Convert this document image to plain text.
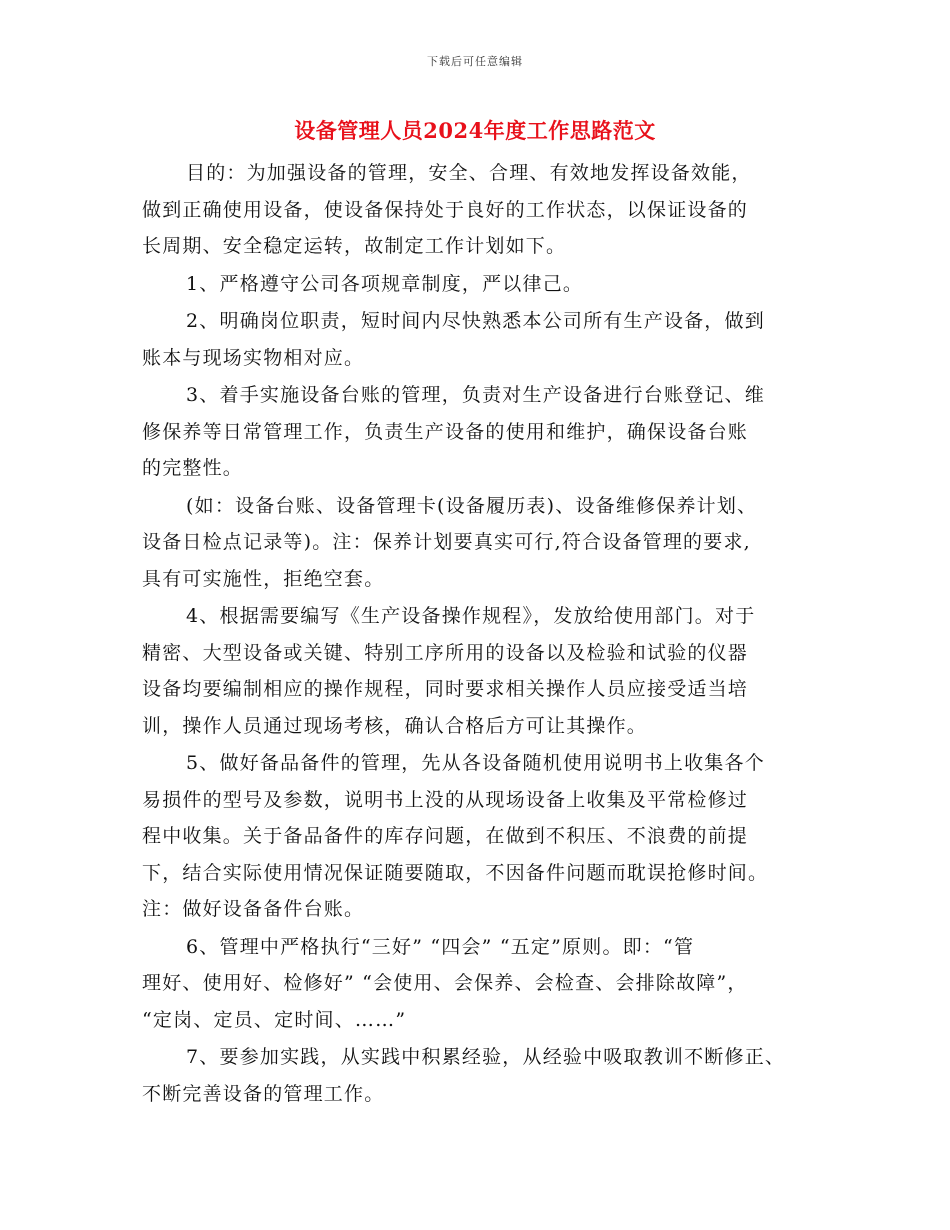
下载后可任意编辑
设备管理人员2024年度工作思路范文

目的：为加强设备的管理，安全、合理、有效地发挥设备效能，
做到正确使用设备，使设备保持处于良好的工作状态，以保证设备的
长周期、安全稳定运转，故制定工作计划如下。

1、严格遵守公司各项规章制度，严以律己。

2、明确岗位职责，短时间内尽快熟悉本公司所有生产设备，做到
账本与现场实物相对应。

3、着手实施设备台账的管理，负责对生产设备进行台账登记、维
修保养等日常管理工作，负责生产设备的使用和维护，确保设备台账
的完整性。

(如：设备台账、设备管理卡(设备履历表)、设备维修保养计划、
设备日检点记录等)。注：保养计划要真实可行,符合设备管理的要求,
具有可实施性，拒绝空套。

4、根据需要编写《生产设备操作规程》，发放给使用部门。对于
精密、大型设备或关键、特别工序所用的设备以及检验和试验的仪器
设备均要编制相应的操作规程，同时要求相关操作人员应接受适当培
训，操作人员通过现场考核，确认合格后方可让其操作。

5、做好备品备件的管理，先从各设备随机使用说明书上收集各个
易损件的型号及参数，说明书上没的从现场设备上收集及平常检修过
程中收集。关于备品备件的库存问题，在做到不积压、不浪费的前提
下，结合实际使用情况保证随要随取，不因备件问题而耽误抢修时间。
注：做好设备备件台账。

6、管理中严格执行“三好” “四会” “五定”原则。即：“管
理好、使用好、检修好” “会使用、会保养、会检查、会排除故障”，
“定岗、定员、定时间、……”

7、要参加实践，从实践中积累经验，从经验中吸取教训不断修正、
不断完善设备的管理工作。
